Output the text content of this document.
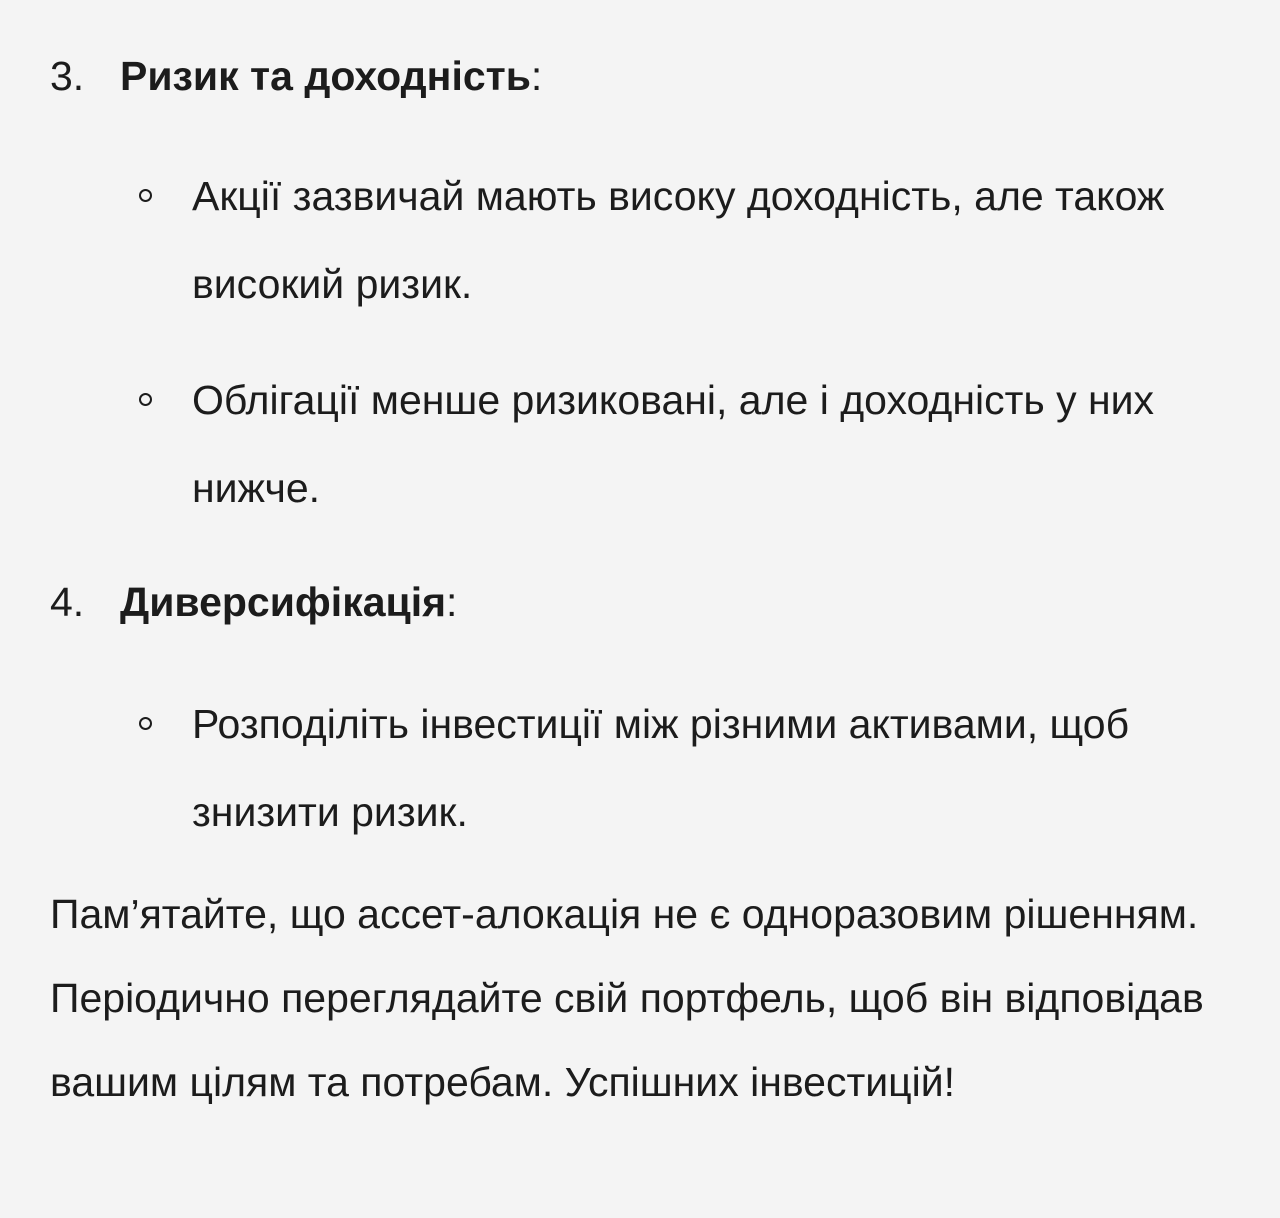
3. Ризик та доходність:
Акції зазвичай мають високу доходність, але також високий ризик.
Облігації менше ризиковані, але і доходність у них нижче.
4. Диверсифікація:
Розподіліть інвестиції між різними активами, щоб знизити ризик.

Пам’ятайте, що ассет-алокація не є одноразовим рішенням. Періодично переглядайте свій портфель, щоб він відповідав вашим цілям та потребам. Успішних інвестицій!
